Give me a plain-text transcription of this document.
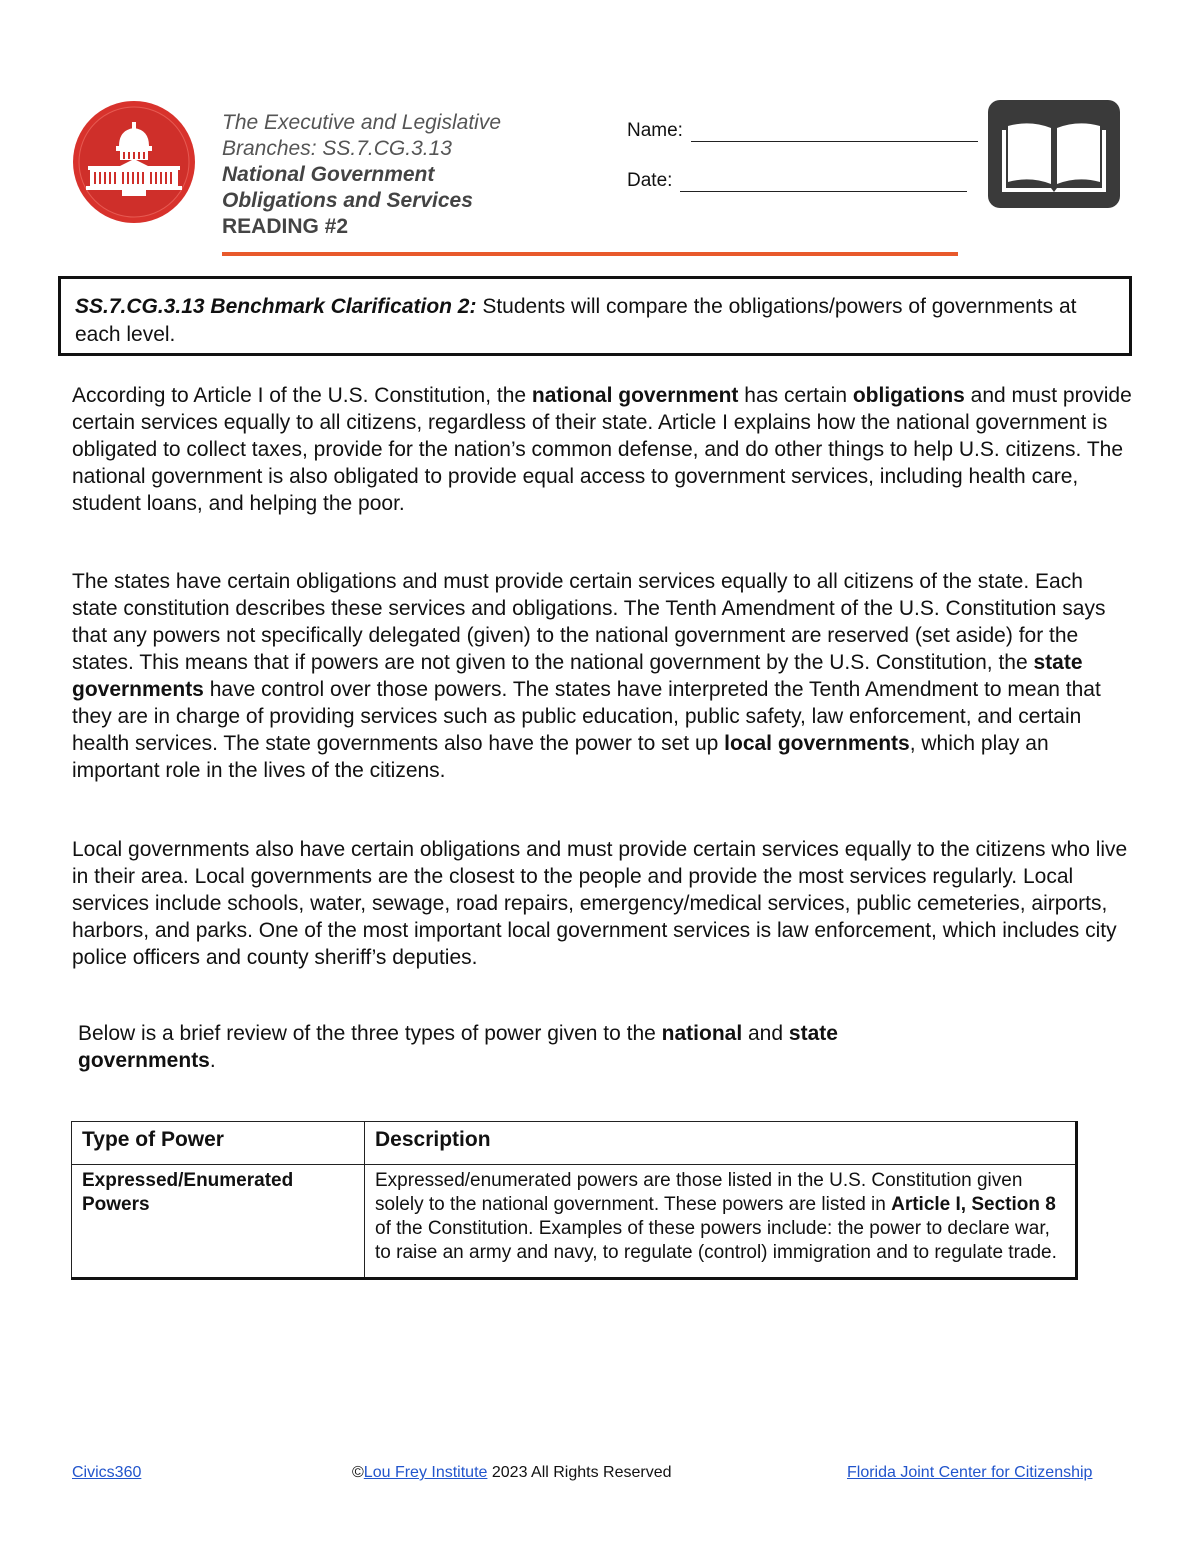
The Executive and Legislative
Branches: SS.7.CG.3.13
National Government
Obligations and Services
READING #2
Name:
Date:
SS.7.CG.3.13 Benchmark Clarification 2: Students will compare the obligations/powers of governments at each level.

According to Article I of the U.S. Constitution, the national government has certain obligations and must provide certain services equally to all citizens, regardless of their state. Article I explains how the national government is obligated to collect taxes, provide for the nation’s common defense, and do other things to help U.S. citizens. The national government is also obligated to provide equal access to government services, including health care, student loans, and helping the poor.

The states have certain obligations and must provide certain services equally to all citizens of the state. Each state constitution describes these services and obligations. The Tenth Amendment of the U.S. Constitution says that any powers not specifically delegated (given) to the national government are reserved (set aside) for the states. This means that if powers are not given to the national government by the U.S. Constitution, the state governments have control over those powers. The states have interpreted the Tenth Amendment to mean that they are in charge of providing services such as public education, public safety, law enforcement, and certain health services. The state governments also have the power to set up local governments, which play an important role in the lives of the citizens.

Local governments also have certain obligations and must provide certain services equally to the citizens who live in their area. Local governments are the closest to the people and provide the most services regularly. Local services include schools, water, sewage, road repairs, emergency/medical services, public cemeteries, airports, harbors, and parks. One of the most important local government services is law enforcement, which includes city police officers and county sheriff’s deputies.

Below is a brief review of the three types of power given to the national and state
governments.

Type of Power	Description
Expressed/Enumerated Powers	Expressed/enumerated powers are those listed in the U.S. Constitution given solely to the national government. These powers are listed in Article I, Section 8 of the Constitution. Examples of these powers include: the power to declare war, to raise an army and navy, to regulate (control) immigration and to regulate trade.
Civics360	©Lou Frey Institute 2023 All Rights Reserved	Florida Joint Center for Citizenship
